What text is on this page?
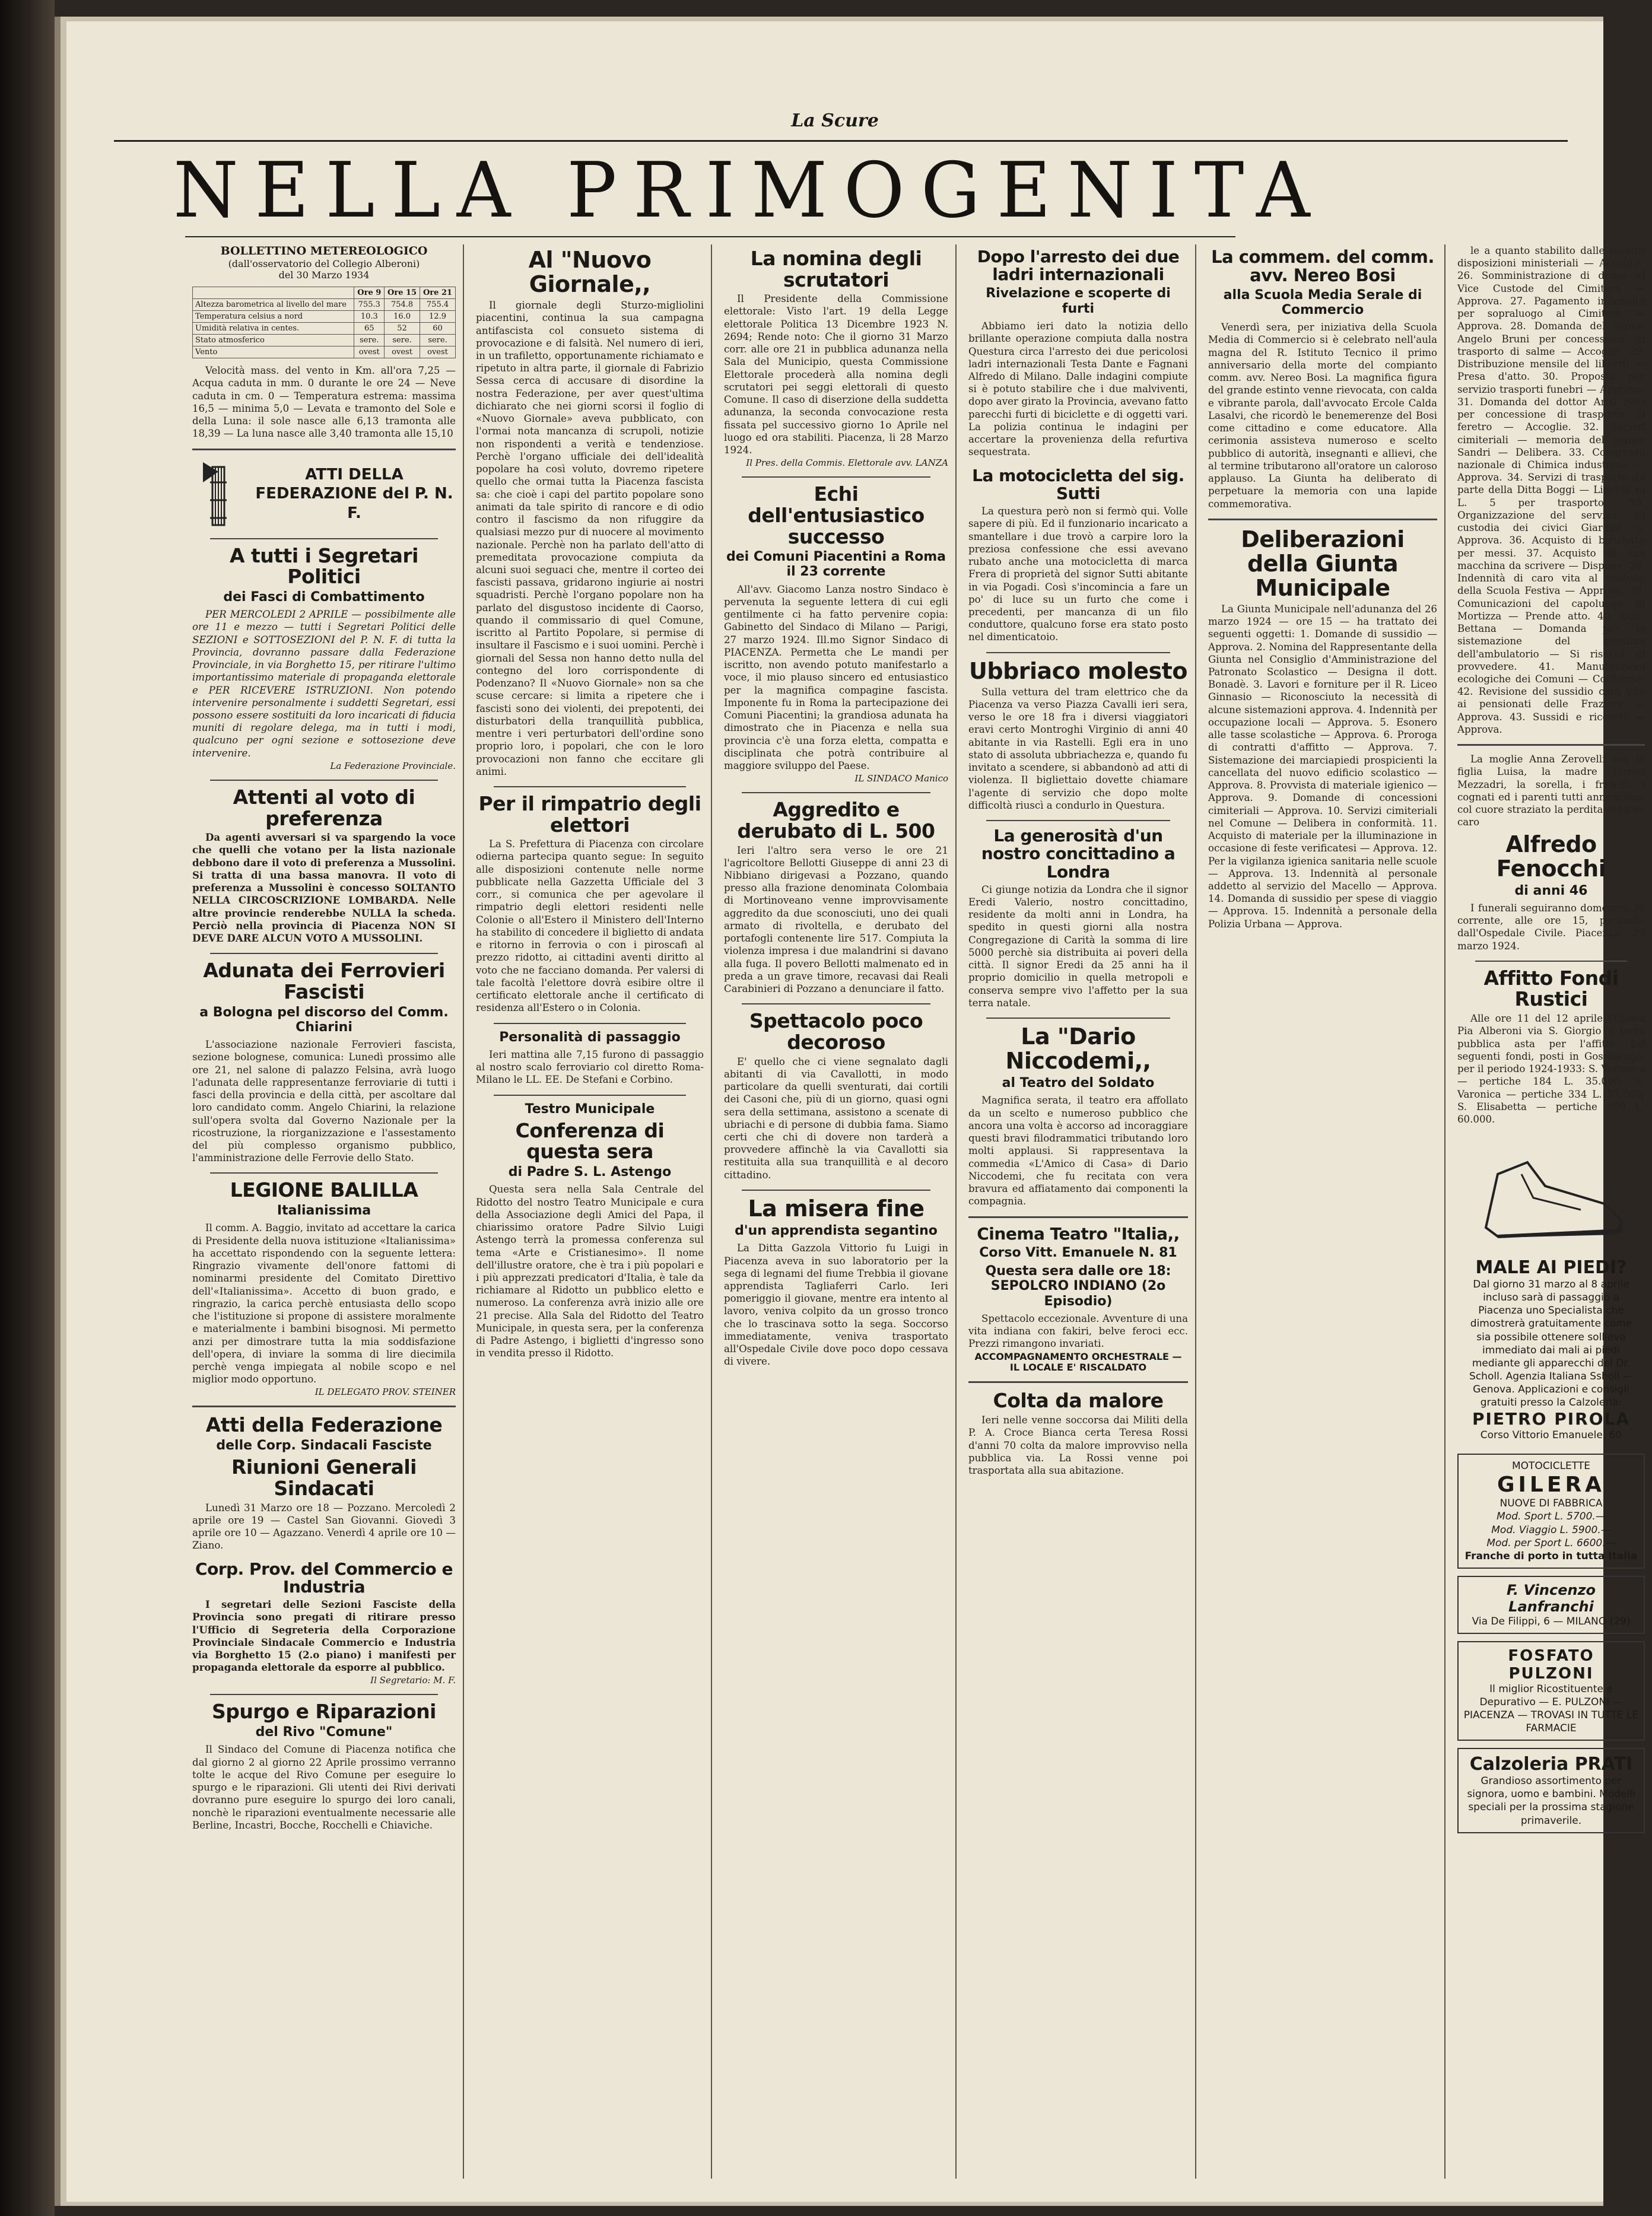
La Scure
NELLA PRIMOGENITA
BOLLETTINO METEREOLOGICO
(dall'osservatorio del Collegio Alberoni)
del 30 Marzo 1934
	Ore 9	Ore 15	Ore 21
Altezza barometrica al livello del mare	755.3	754.8	755.4
Temperatura celsius a nord	10.3	16.0	12.9
Umidità relativa in centes.	65	52	60
Stato atmosferico	sere.	sere.	sere.
Vento	ovest	ovest	ovest

Velocità mass. del vento in Km. all'ora 7,25 — Acqua caduta in mm. 0 durante le ore 24 — Neve caduta in cm. 0 — Temperatura estrema: massima 16,5 — minima 5,0 — Levata e tramonto del Sole e della Luna: il sole nasce alle 6,13 tramonta alle 18,39 — La luna nasce alle 3,40 tramonta alle 15,10

ATTI DELLA FEDERAZIONE del P. N. F.
A tutti i Segretari Politici
dei Fasci di Combattimento

PER MERCOLEDI 2 APRILE — possibilmente alle ore 11 e mezzo — tutti i Segretari Politici delle SEZIONI e SOTTOSEZIONI del P. N. F. di tutta la Provincia, dovranno passare dalla Federazione Provinciale, in via Borghetto 15, per ritirare l'ultimo importantissimo materiale di propaganda elettorale e PER RICEVERE ISTRUZIONI. Non potendo intervenire personalmente i suddetti Segretari, essi possono essere sostituiti da loro incaricati di fiducia muniti di regolare delega, ma in tutti i modi, qualcuno per ogni sezione e sottosezione deve intervenire.

La Federazione Provinciale.
Attenti al voto di preferenza

Da agenti avversari si va spargendo la voce che quelli che votano per la lista nazionale debbono dare il voto di preferenza a Mussolini. Si tratta di una bassa manovra. Il voto di preferenza a Mussolini è concesso SOLTANTO NELLA CIRCOSCRIZIONE LOMBARDA. Nelle altre provincie renderebbe NULLA la scheda. Perciò nella provincia di Piacenza NON SI DEVE DARE ALCUN VOTO A MUSSOLINI.

Adunata dei Ferrovieri Fascisti
a Bologna pel discorso del Comm. Chiarini

L'associazione nazionale Ferrovieri fascista, sezione bolognese, comunica: Lunedì prossimo alle ore 21, nel salone di palazzo Felsina, avrà luogo l'adunata delle rappresentanze ferroviarie di tutti i fasci della provincia e della città, per ascoltare dal loro candidato comm. Angelo Chiarini, la relazione sull'opera svolta dal Governo Nazionale per la ricostruzione, la riorganizzazione e l'assestamento del più complesso organismo pubblico, l'amministrazione delle Ferrovie dello Stato.

LEGIONE BALILLA
Italianissima

Il comm. A. Baggio, invitato ad accettare la carica di Presidente della nuova istituzione «Italianissima» ha accettato rispondendo con la seguente lettera: Ringrazio vivamente dell'onore fattomi di nominarmi presidente del Comitato Direttivo dell'«Italianissima». Accetto di buon grado, e ringrazio, la carica perchè entusiasta dello scopo che l'istituzione si propone di assistere moralmente e materialmente i bambini bisognosi. Mi permetto anzi per dimostrare tutta la mia soddisfazione dell'opera, di inviare la somma di lire diecimila perchè venga impiegata al nobile scopo e nel miglior modo opportuno.

IL DELEGATO PROV. STEINER
Atti della Federazione
delle Corp. Sindacali Fasciste
Riunioni Generali Sindacati

Lunedì 31 Marzo ore 18 — Pozzano. Mercoledì 2 aprile ore 19 — Castel San Giovanni. Giovedì 3 aprile ore 10 — Agazzano. Venerdì 4 aprile ore 10 — Ziano.

Corp. Prov. del Commercio e Industria

I segretari delle Sezioni Fasciste della Provincia sono pregati di ritirare presso l'Ufficio di Segreteria della Corporazione Provinciale Sindacale Commercio e Industria via Borghetto 15 (2.o piano) i manifesti per propaganda elettorale da esporre al pubblico.

Il Segretario: M. F.
Spurgo e Riparazioni
del Rivo "Comune"

Il Sindaco del Comune di Piacenza notifica che dal giorno 2 al giorno 22 Aprile prossimo verranno tolte le acque del Rivo Comune per eseguire lo spurgo e le riparazioni. Gli utenti dei Rivi derivati dovranno pure eseguire lo spurgo dei loro canali, nonchè le riparazioni eventualmente necessarie alle Berline, Incastri, Bocche, Rocchelli e Chiaviche.

Al "Nuovo Giornale,,

Il giornale degli Sturzo-migliolini piacentini, continua la sua campagna antifascista col consueto sistema di provocazione e di falsità. Nel numero di ieri, in un trafiletto, opportunamente richiamato e ripetuto in altra parte, il giornale di Fabrizio Sessa cerca di accusare di disordine la nostra Federazione, per aver quest'ultima dichiarato che nei giorni scorsi il foglio di «Nuovo Giornale» aveva pubblicato, con l'ormai nota mancanza di scrupoli, notizie non rispondenti a verità e tendenziose. Perchè l'organo ufficiale dei dell'idealità popolare ha così voluto, dovremo ripetere quello che ormai tutta la Piacenza fascista sa: che cioè i capi del partito popolare sono animati da tale spirito di rancore e di odio contro il fascismo da non rifuggire da qualsiasi mezzo pur di nuocere al movimento nazionale. Perchè non ha parlato dell'atto di premeditata provocazione compiuta da alcuni suoi seguaci che, mentre il corteo dei fascisti passava, gridarono ingiurie ai nostri squadristi. Perchè l'organo popolare non ha parlato del disgustoso incidente di Caorso, quando il commissario di quel Comune, iscritto al Partito Popolare, si permise di insultare il Fascismo e i suoi uomini. Perchè i giornali del Sessa non hanno detto nulla del contegno del loro corrispondente di Podenzano? Il «Nuovo Giornale» non sa che scuse cercare: si limita a ripetere che i fascisti sono dei violenti, dei prepotenti, dei disturbatori della tranquillità pubblica, mentre i veri perturbatori dell'ordine sono proprio loro, i popolari, che con le loro provocazioni non fanno che eccitare gli animi.

Per il rimpatrio degli elettori

La S. Prefettura di Piacenza con circolare odierna partecipa quanto segue: In seguito alle disposizioni contenute nelle norme pubblicate nella Gazzetta Ufficiale del 3 corr., si comunica che per agevolare il rimpatrio degli elettori residenti nelle Colonie o all'Estero il Ministero dell'Interno ha stabilito di concedere il biglietto di andata e ritorno in ferrovia o con i piroscafi al prezzo ridotto, ai cittadini aventi diritto al voto che ne facciano domanda. Per valersi di tale facoltà l'elettore dovrà esibire oltre il certificato elettorale anche il certificato di residenza all'Estero o in Colonia.

Personalità di passaggio

Ieri mattina alle 7,15 furono di passaggio al nostro scalo ferroviario col diretto Roma-Milano le LL. EE. De Stefani e Corbino.

Testro Municipale
Conferenza di questa sera
di Padre S. L. Astengo

Questa sera nella Sala Centrale del Ridotto del nostro Teatro Municipale e cura della Associazione degli Amici del Papa, il chiarissimo oratore Padre Silvio Luigi Astengo terrà la promessa conferenza sul tema «Arte e Cristianesimo». Il nome dell'illustre oratore, che è tra i più popolari e i più apprezzati predicatori d'Italia, è tale da richiamare al Ridotto un pubblico eletto e numeroso. La conferenza avrà inizio alle ore 21 precise. Alla Sala del Ridotto del Teatro Municipale, in questa sera, per la conferenza di Padre Astengo, i biglietti d'ingresso sono in vendita presso il Ridotto.

La nomina degli scrutatori

Il Presidente della Commissione elettorale: Visto l'art. 19 della Legge elettorale Politica 13 Dicembre 1923 N. 2694; Rende noto: Che il giorno 31 Marzo corr. alle ore 21 in pubblica adunanza nella Sala del Municipio, questa Commissione Elettorale procederà alla nomina degli scrutatori pei seggi elettorali di questo Comune. Il caso di diserzione della suddetta adunanza, la seconda convocazione resta fissata pel successivo giorno 1o Aprile nel luogo ed ora stabiliti. Piacenza, li 28 Marzo 1924.

Il Pres. della Commis. Elettorale avv. LANZA
Echi dell'entusiastico successo
dei Comuni Piacentini a Roma il 23 corrente

All'avv. Giacomo Lanza nostro Sindaco è pervenuta la seguente lettera di cui egli gentilmente ci ha fatto pervenire copia: Gabinetto del Sindaco di Milano — Parigi, 27 marzo 1924. Ill.mo Signor Sindaco di PIACENZA. Permetta che Le mandi per iscritto, non avendo potuto manifestarlo a voce, il mio plauso sincero ed entusiastico per la magnifica compagine fascista. Imponente fu in Roma la partecipazione dei Comuni Piacentini; la grandiosa adunata ha dimostrato che in Piacenza e nella sua provincia c'è una forza eletta, compatta e disciplinata che potrà contribuire al maggiore sviluppo del Paese.

IL SINDACO Manico
Aggredito e derubato di L. 500

Ieri l'altro sera verso le ore 21 l'agricoltore Bellotti Giuseppe di anni 23 di Nibbiano dirigevasi a Pozzano, quando presso alla frazione denominata Colombaia di Mortinoveano venne improvvisamente aggredito da due sconosciuti, uno dei quali armato di rivoltella, e derubato del portafogli contenente lire 517. Compiuta la violenza impresa i due malandrini si davano alla fuga. Il povero Bellotti malmenato ed in preda a un grave timore, recavasi dai Reali Carabinieri di Pozzano a denunciare il fatto.

Spettacolo poco decoroso

E' quello che ci viene segnalato dagli abitanti di via Cavallotti, in modo particolare da quelli sventurati, dai cortili dei Casoni che, più di un giorno, quasi ogni sera della settimana, assistono a scenate di ubriachi e di persone di dubbia fama. Siamo certi che chi di dovere non tarderà a provvedere affinchè la via Cavallotti sia restituita alla sua tranquillità e al decoro cittadino.

La misera fine
d'un apprendista segantino

La Ditta Gazzola Vittorio fu Luigi in Piacenza aveva in suo laboratorio per la sega di legnami del fiume Trebbia il giovane apprendista Tagliaferri Carlo. Ieri pomeriggio il giovane, mentre era intento al lavoro, veniva colpito da un grosso tronco che lo trascinava sotto la sega. Soccorso immediatamente, veniva trasportato all'Ospedale Civile dove poco dopo cessava di vivere.

Dopo l'arresto dei due ladri internazionali
Rivelazione e scoperte di furti

Abbiamo ieri dato la notizia dello brillante operazione compiuta dalla nostra Questura circa l'arresto dei due pericolosi ladri internazionali Testa Dante e Fagnani Alfredo di Milano. Dalle indagini compiute si è potuto stabilire che i due malviventi, dopo aver girato la Provincia, avevano fatto parecchi furti di biciclette e di oggetti vari. La polizia continua le indagini per accertare la provenienza della refurtiva sequestrata.

La motocicletta del sig. Sutti

La questura però non si fermò qui. Volle sapere di più. Ed il funzionario incaricato a smantellare i due trovò a carpire loro la preziosa confessione che essi avevano rubato anche una motocicletta di marca Frera di proprietà del signor Sutti abitante in via Pogadi. Così s'incomincia a fare un po' di luce su un furto che come i precedenti, per mancanza di un filo conduttore, qualcuno forse era stato posto nel dimenticatoio.

Ubbriaco molesto

Sulla vettura del tram elettrico che da Piacenza va verso Piazza Cavalli ieri sera, verso le ore 18 fra i diversi viaggiatori eravi certo Montroghi Virginio di anni 40 abitante in via Rastelli. Egli era in uno stato di assoluta ubbriachezza e, quando fu invitato a scendere, si abbandonò ad atti di violenza. Il bigliettaio dovette chiamare l'agente di servizio che dopo molte difficoltà riuscì a condurlo in Questura.

La generosità d'un nostro concittadino a Londra

Ci giunge notizia da Londra che il signor Eredi Valerio, nostro concittadino, residente da molti anni in Londra, ha spedito in questi giorni alla nostra Congregazione di Carità la somma di lire 5000 perchè sia distribuita ai poveri della città. Il signor Eredi da 25 anni ha il proprio domicilio in quella metropoli e conserva sempre vivo l'affetto per la sua terra natale.

La "Dario Niccodemi,,
al Teatro del Soldato

Magnifica serata, il teatro era affollato da un scelto e numeroso pubblico che ancora una volta è accorso ad incoraggiare questi bravi filodrammatici tributando loro molti applausi. Si rappresentava la commedia «L'Amico di Casa» di Dario Niccodemi, che fu recitata con vera bravura ed affiatamento dai componenti la compagnia.

Cinema Teatro "Italia,,
Corso Vitt. Emanuele N. 81
Questa sera dalle ore 18: SEPOLCRO INDIANO (2o Episodio)

Spettacolo eccezionale. Avventure di una vita indiana con fakiri, belve feroci ecc. Prezzi rimangono invariati.

ACCOMPAGNAMENTO ORCHESTRALE — IL LOCALE E' RISCALDATO
Colta da malore

Ieri nelle venne soccorsa dai Militi della P. A. Croce Bianca certa Teresa Rossi d'anni 70 colta da malore improvviso nella pubblica via. La Rossi venne poi trasportata alla sua abitazione.

La commem. del comm. avv. Nereo Bosi
alla Scuola Media Serale di Commercio

Venerdì sera, per iniziativa della Scuola Media di Commercio si è celebrato nell'aula magna del R. Istituto Tecnico il primo anniversario della morte del compianto comm. avv. Nereo Bosi. La magnifica figura del grande estinto venne rievocata, con calda e vibrante parola, dall'avvocato Ercole Calda Lasalvi, che ricordò le benemerenze del Bosi come cittadino e come educatore. Alla cerimonia assisteva numeroso e scelto pubblico di autorità, insegnanti e allievi, che al termine tributarono all'oratore un caloroso applauso. La Giunta ha deliberato di perpetuare la memoria con una lapide commemorativa.

Deliberazioni della Giunta Municipale

La Giunta Municipale nell'adunanza del 26 marzo 1924 — ore 15 — ha trattato dei seguenti oggetti: 1. Domande di sussidio — Approva. 2. Nomina del Rappresentante della Giunta nel Consiglio d'Amministrazione del Patronato Scolastico — Designa il dott. Bonadè. 3. Lavori e forniture per il R. Liceo Ginnasio — Riconosciuto la necessità di alcune sistemazioni approva. 4. Indennità per occupazione locali — Approva. 5. Esonero alle tasse scolastiche — Approva. 6. Proroga di contratti d'affitto — Approva. 7. Sistemazione dei marciapiedi prospicienti la cancellata del nuovo edificio scolastico — Approva. 8. Provvista di materiale igienico — Approva. 9. Domande di concessioni cimiteriali — Approva. 10. Servizi cimiteriali nel Comune — Delibera in conformità. 11. Acquisto di materiale per la illuminazione in occasione di feste verificatesi — Approva. 12. Per la vigilanza igienica sanitaria nelle scuole — Approva. 13. Indennità al personale addetto al servizio del Macello — Approva. 14. Domanda di sussidio per spese di viaggio — Approva. 15. Indennità a personale della Polizia Urbana — Approva.

le a quanto stabilito dalle recenti disposizioni ministeriali — Accoglie. 26. Somministrazione di divisa al Vice Custode del Cimitero — Approva. 27. Pagamento indennità per sopraluogo al Cimitero — Approva. 28. Domanda del signor Angelo Bruni per concessione di trasporto di salme — Accoglie. 29. Distribuzione mensile del libretti — Presa d'atto. 30. Proposta per servizio trasporti funebri — Approva. 31. Domanda del dottor Arisi Bosi per concessione di trasporto di feretro — Accoglie. 32. Servizi cimiteriali — memoria del signor Sandri — Delibera. 33. Congresso nazionale di Chimica industriale — Approva. 34. Servizi di trasporto da parte della Ditta Boggi — Liquida in L. 5 per trasporto. 35. Organizzazione del servizio di custodia dei civici Giardini — Approva. 36. Acquisto di biciclette per messi. 37. Acquisto di una macchina da scrivere — Dispone. 38. Indennità di caro vita al custode della Scuola Festiva — Approva. 39. Comunicazioni del capoluogo di Mortizza — Prende atto. 40. Dott. Bettana — Domanda per la sistemazione del giardino dell'ambulatorio — Si riserva di provvedere. 41. Manutenzioni ecologiche dei Comuni — Conferma. 42. Revisione del sussidio caro vita ai pensionati delle Frazioni — Approva. 43. Sussidi e ricoveri — Approva.

La moglie Anna Zerovelli con la figlia Luisa, la madre Teresa Mezzadri, la sorella, i fratelli, i cognati ed i parenti tutti annunciano col cuore straziato la perdita del loro caro

Alfredo Fenocchi
di anni 46

I funerali seguiranno domenica 30 corrente, alle ore 15, partendo dall'Ospedale Civile. Piacenza, 29 marzo 1924.

Affitto Fondi Rustici

Alle ore 11 del 12 aprile l'Opera Pia Alberoni via S. Giorgio 3 terrà pubblica asta per l'affitto dei seguenti fondi, posti in Gossolengo, per il periodo 1924-1933: S. Veronica — pertiche 184 L. 35.000; S. Varonica — pertiche 334 L. 57.000; S. Elisabetta — pertiche 580 L. 60.000.

MALE AI PIEDI?
Dal giorno 31 marzo al 8 aprile incluso sarà di passaggio a Piacenza uno Specialista che dimostrerà gratuitamente come sia possibile ottenere sollievo immediato dai mali ai piedi mediante gli apparecchi del Dr. Scholl. Agenzia Italiana Ssholl — Genova. Applicazioni e consigli gratuiti presso la Calzoleria:
PIETRO PIROLA
Corso Vittorio Emanuele, 60
MOTOCICLETTE
GILERA
NUOVE DI FABBRICA
Mod. Sport L. 5700.—
Mod. Viaggio L. 5900.—
Mod. per Sport L. 6600.—
Franche di porto in tutta Italia
F. Vincenzo Lanfranchi
Via De Filippi, 6 — MILANO (29)
FOSFATO PULZONI
Il miglior Ricostituente e Depurativo — E. PULZONI — PIACENZA — TROVASI IN TUTTE LE FARMACIE
Calzoleria PRATI
Grandioso assortimento per signora, uomo e bambini. Modelli speciali per la prossima stagione primaverile.
